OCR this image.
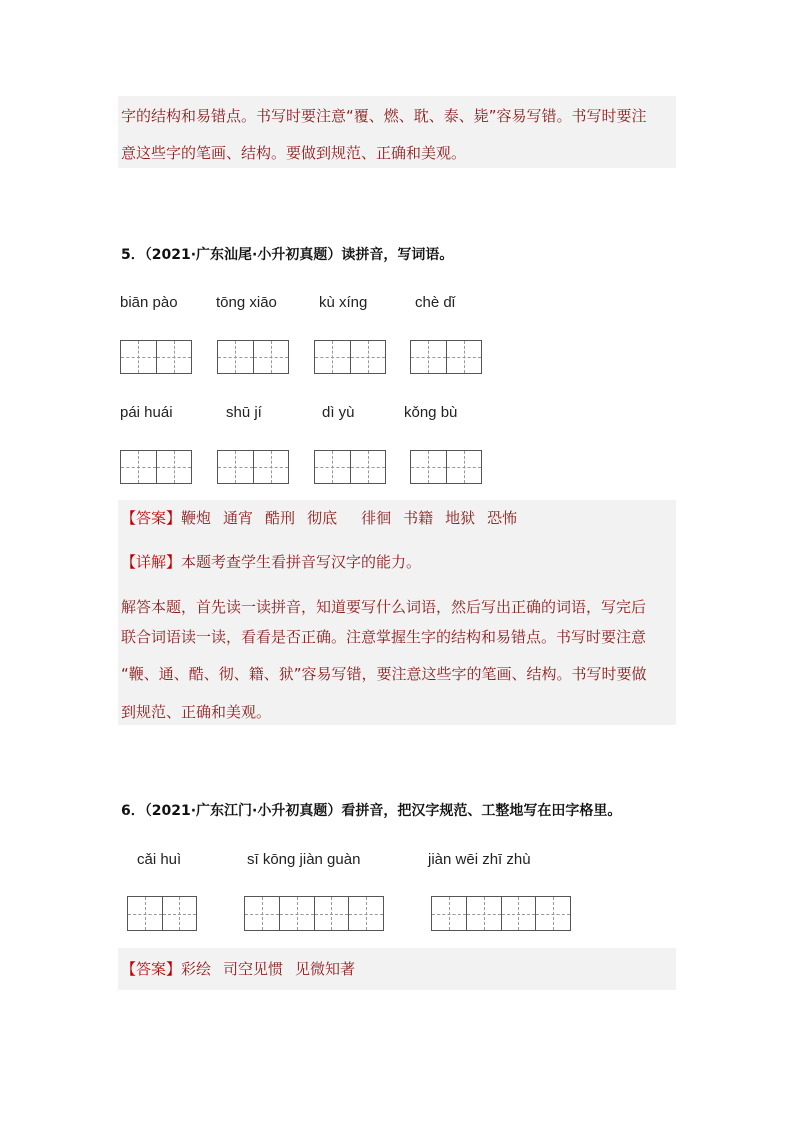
字的结构和易错点。书写时要注意“覆、燃、耽、泰、毙”容易写错。书写时要注
意这些字的笔画、结构。要做到规范、正确和美观。
5．（2021·广东汕尾·小升初真题）读拼音，写词语。
biān pào	tōng xiāo	kù xíng	chè dǐ
pái huái	shū jí	dì yù	kǒng bù
【答案】鞭炮 通宵 酷刑 彻底 徘徊 书籍 地狱 恐怖
【详解】本题考查学生看拼音写汉字的能力。
解答本题，首先读一读拼音，知道要写什么词语，然后写出正确的词语，写完后
联合词语读一读，看看是否正确。注意掌握生字的结构和易错点。书写时要注意
“鞭、通、酷、彻、籍、狱”容易写错，要注意这些字的笔画、结构。书写时要做
到规范、正确和美观。
6．（2021·广东江门·小升初真题）看拼音，把汉字规范、工整地写在田字格里。
cǎi huì	sī kōng jiàn guàn	jiàn wēi zhī zhù
【答案】彩绘 司空见惯 见微知著
